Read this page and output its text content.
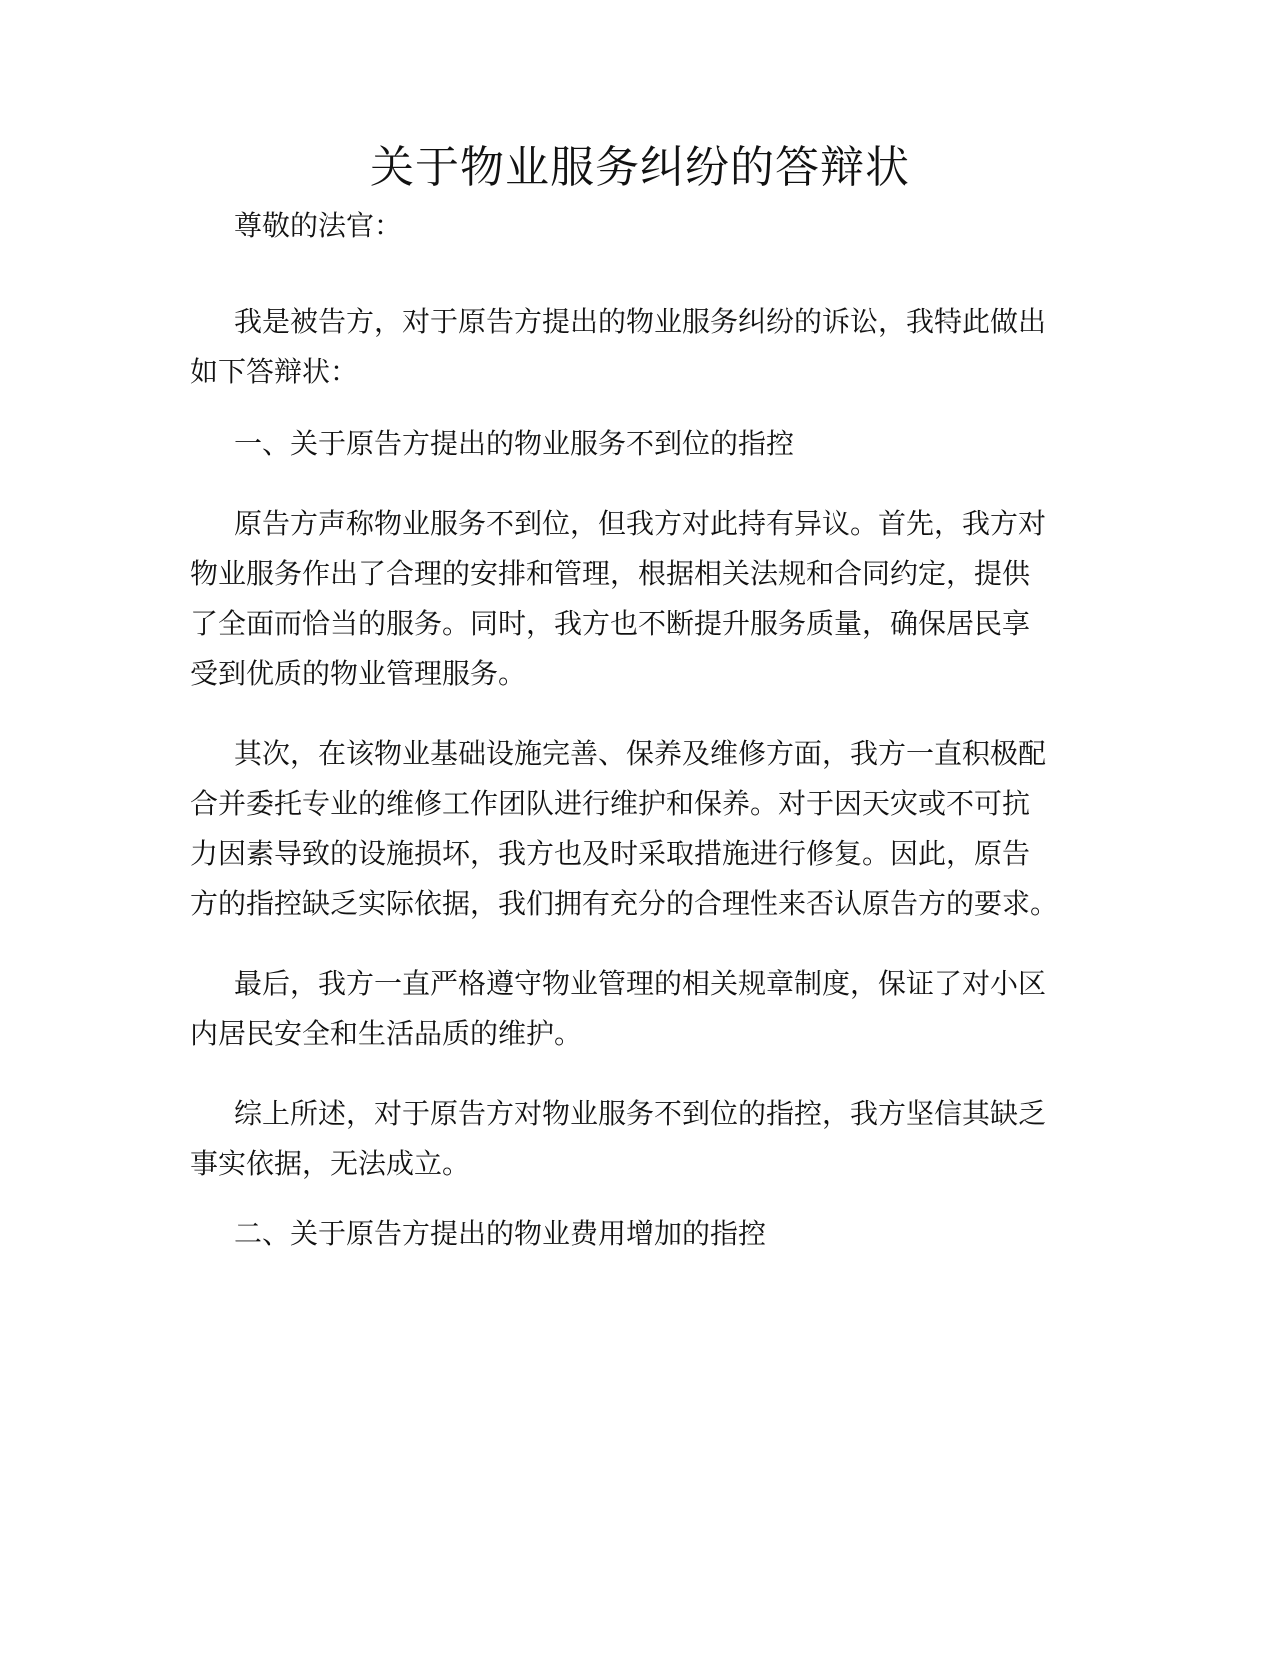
关于物业服务纠纷的答辩状

尊敬的法官：

我是被告方，对于原告方提出的物业服务纠纷的诉讼，我特此做出

如下答辩状：

一、关于原告方提出的物业服务不到位的指控

原告方声称物业服务不到位，但我方对此持有异议。首先，我方对

物业服务作出了合理的安排和管理，根据相关法规和合同约定，提供

了全面而恰当的服务。同时，我方也不断提升服务质量，确保居民享

受到优质的物业管理服务。

其次，在该物业基础设施完善、保养及维修方面，我方一直积极配

合并委托专业的维修工作团队进行维护和保养。对于因天灾或不可抗

力因素导致的设施损坏，我方也及时采取措施进行修复。因此，原告

方的指控缺乏实际依据，我们拥有充分的合理性来否认原告方的要求。

最后，我方一直严格遵守物业管理的相关规章制度，保证了对小区

内居民安全和生活品质的维护。

综上所述，对于原告方对物业服务不到位的指控，我方坚信其缺乏

事实依据，无法成立。

二、关于原告方提出的物业费用增加的指控
